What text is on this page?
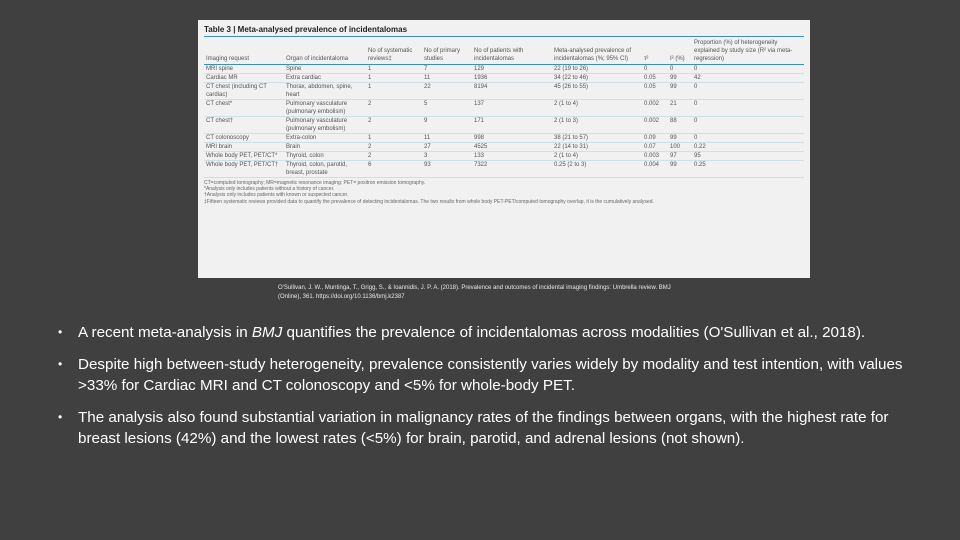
Table 3 | Meta-analysed prevalence of incidentalomas
Imaging request	Organ of incidentaloma	No of systematic reviews‡	No of primary studies	No of patients with incidentalomas	Meta-analysed prevalence of incidentalomas (%; 95% CI)	τ²	I² (%)	Proportion (%) of heterogeneity explained by study size (R² via meta-regression)
MRI spine	Spine	1	7	129	22 (19 to 26)	0	0	0
Cardiac MR	Extra cardiac	1	11	1936	34 (22 to 46)	0.05	99	42
CT chest (including CT cardiac)	Thorax, abdomen, spine, heart	1	22	8194	45 (26 to 55)	0.05	99	0
CT chest*	Pulmonary vasculature (pulmonary embolism)	2	5	137	2 (1 to 4)	0.002	21	0
CT chest†	Pulmonary vasculature (pulmonary embolism)	2	9	171	2 (1 to 3)	0.002	88	0
CT colonoscopy	Extra-colon	1	11	998	38 (21 to 57)	0.09	99	0
MRI brain	Brain	2	27	4525	22 (14 to 31)	0.07	100	0.22
Whole body PET, PET/CT*	Thyroid, colon	2	3	133	2 (1 to 4)	0.003	97	95
Whole body PET, PET/CT†	Thyroid, colon, parotid, breast, prostate	6	93	7322	0.25 (2 to 3)	0.004	99	0.25
CT=computed tomography; MR=magnetic resonance imaging; PET= positron emission tomography.
*Analysis only includes patients without a history of cancer.
†Analysis only includes patients with known or suspected cancer.
‡Fifteen systematic reviews provided data to quantify the prevalence of detecting incidentalomas. The two results from whole body PET-PET/computed tomography overlap, it is the cumulatively analysed.
O'Sullivan, J. W., Muntinga, T., Grigg, S., & Ioannidis, J. P. A. (2018). Prevalence and outcomes of incidental imaging findings: Umbrella review. BMJ (Online), 361. https://doi.org/10.1136/bmj.k2387
•	A recent meta-analysis in BMJ quantifies the prevalence of incidentalomas across modalities (O'Sullivan et al., 2018).
•	Despite high between-study heterogeneity, prevalence consistently varies widely by modality and test intention, with values >33% for Cardiac MRI and CT colonoscopy and <5% for whole-body PET.
•	The analysis also found substantial variation in malignancy rates of the findings between organs, with the highest rate for breast lesions (42%) and the lowest rates (<5%) for brain, parotid, and adrenal lesions (not shown).
